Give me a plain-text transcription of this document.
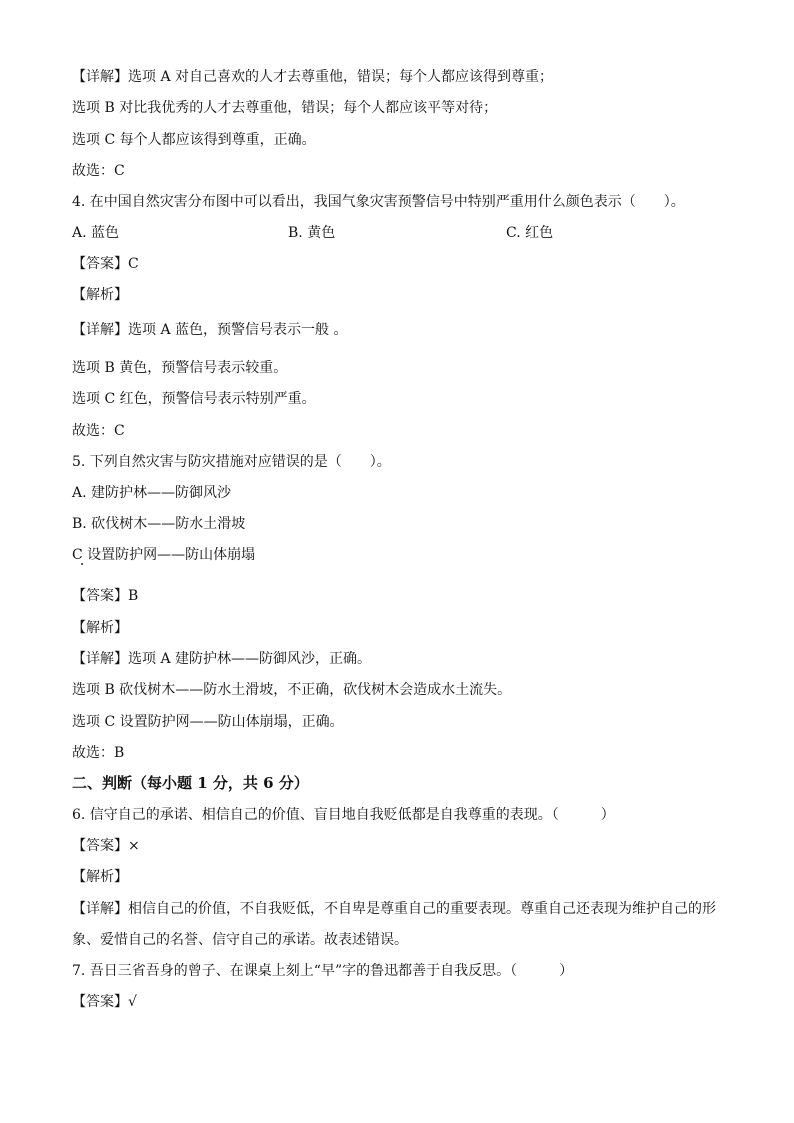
【详解】选项 A 对自己喜欢的人才去尊重他，错误；每个人都应该得到尊重；
选项 B 对比我优秀的人才去尊重他，错误；每个人都应该平等对待；
选项 C 每个人都应该得到尊重，正确。
故选：C
4. 在中国自然灾害分布图中可以看出，我国气象灾害预警信号中特别严重用什么颜色表示（　　）。
A. 蓝色	B. 黄色	C. 红色
【答案】C
【解析】
【详解】选项 A 蓝色，预警信号表示一般 。
选项 B 黄色，预警信号表示较重。
选项 C 红色，预警信号表示特别严重。
故选：C
5. 下列自然灾害与防灾措施对应错误的是（　　）。
A. 建防护林——防御风沙
B. 砍伐树木——防水土滑坡
C 设置防护网——防山体崩塌
【答案】B
【解析】
【详解】选项 A 建防护林——防御风沙，正确。
选项 B 砍伐树木——防水土滑坡，不正确，砍伐树木会造成水土流失。
选项 C 设置防护网——防山体崩塌，正确。
故选：B
二、判断（每小题 1 分，共 6 分）
6. 信守自己的承诺、相信自己的价值、盲目地自我贬低都是自我尊重的表现。（　　　）
【答案】×
【解析】
【详解】相信自己的价值，不自我贬低，不自卑是尊重自己的重要表现。尊重自己还表现为维护自己的形
象、爱惜自己的名誉、信守自己的承诺。故表述错误。
7. 吾日三省吾身的曾子、在课桌上刻上“早”字的鲁迅都善于自我反思。（　　　）
【答案】√
